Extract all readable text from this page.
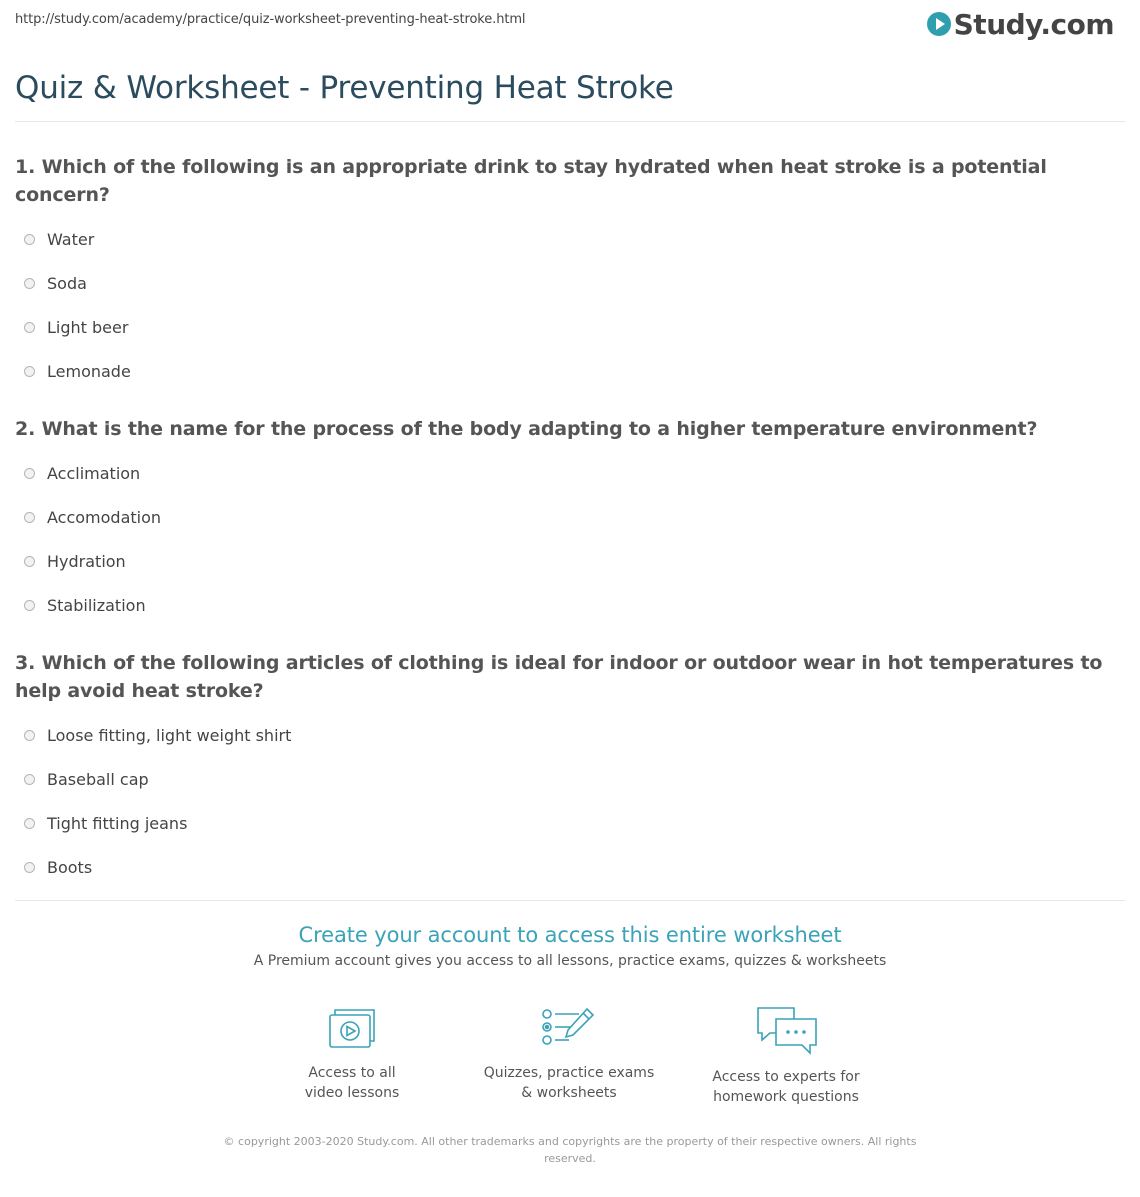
http://study.com/academy/practice/quiz-worksheet-preventing-heat-stroke.html	Study.com
Quiz & Worksheet - Preventing Heat Stroke
1. Which of the following is an appropriate drink to stay hydrated when heat stroke is a potential concern?
Water
Soda
Light beer
Lemonade
2. What is the name for the process of the body adapting to a higher temperature environment?
Acclimation
Accomodation
Hydration
Stabilization
3. Which of the following articles of clothing is ideal for indoor or outdoor wear in hot temperatures to help avoid heat stroke?
Loose fitting, light weight shirt
Baseball cap
Tight fitting jeans
Boots
Create your account to access this entire worksheet
A Premium account gives you access to all lessons, practice exams, quizzes & worksheets
Access to all
video lessons
Quizzes, practice exams
& worksheets
Access to experts for
homework questions
© copyright 2003-2020 Study.com. All other trademarks and copyrights are the property of their respective owners. All rights reserved.
